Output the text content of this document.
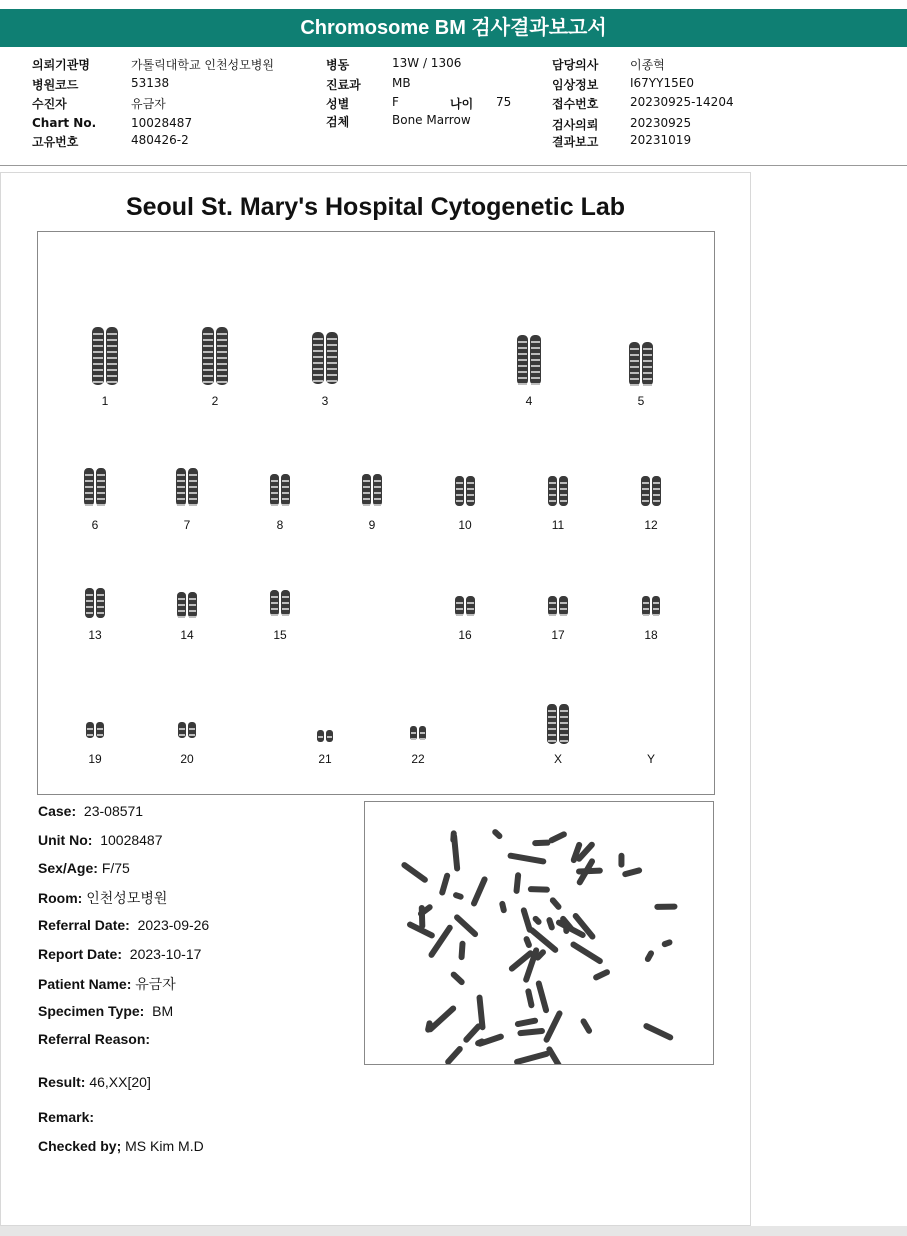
Chromosome BM 검사결과보고서
의뢰기관명	가톨릭대학교 인천성모병원
병원코드	53138
수진자	유금자
Chart No.	10028487
고유번호	480426-2
병동	13W / 1306
진료과	MB
성별	F	나이 75
검체	Bone Marrow
담당의사	이종혁
임상정보	I67YY15E0
접수번호	20230925-14204
검사의뢰	20230925
결과보고	20231019
Seoul St. Mary's Hospital Cytogenetic Lab
1	2	3	4	5
6	7	8	9	10	11	12
13	14	15	16	17	18
19	20	21	22	X	Y
Case: 23-08571
Unit No: 10028487
Sex/Age: F/75
Room: 인천성모병원
Referral Date: 2023-09-26
Report Date: 2023-10-17
Patient Name: 유금자
Specimen Type: BM
Referral Reason:
Result: 46,XX[20]
Remark:
Checked by; MS Kim M.D
